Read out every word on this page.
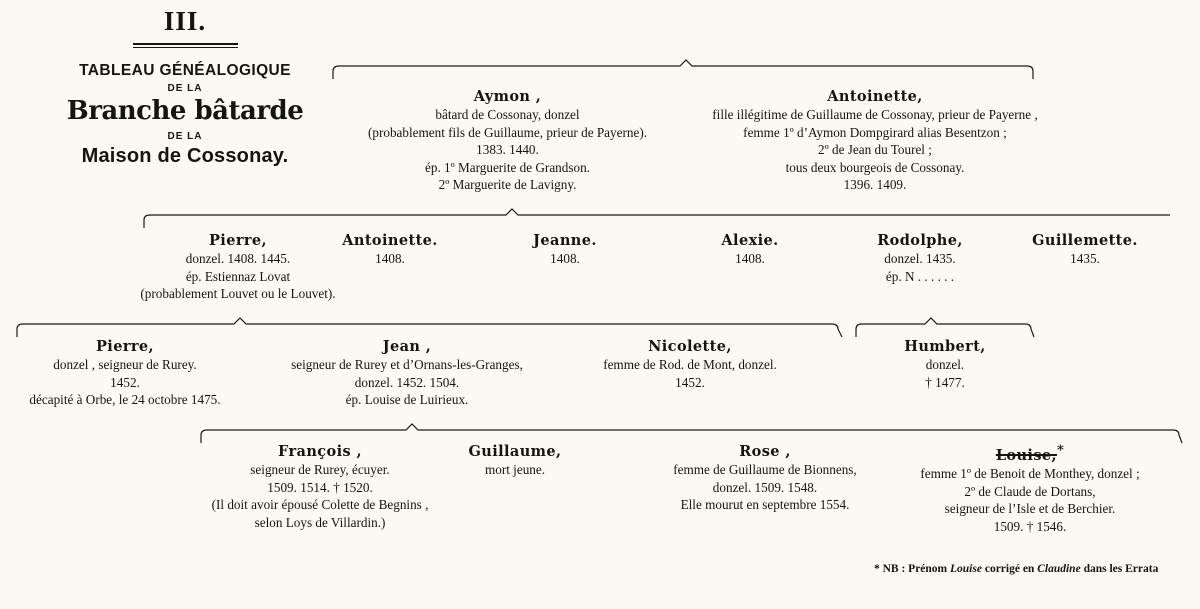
III.
TABLEAU GÉNÉALOGIQUE
DE LA
Branche bâtarde
DE LA
Maison de Cossonay.
Aymon ,
bâtard de Cossonay, donzel
(probablement fils de Guillaume, prieur de Payerne).
1383. 1440.
ép. 1º Marguerite de Grandson.
2º Marguerite de Lavigny.
Antoinette,
fille illégitime de Guillaume de Cossonay, prieur de Payerne ,
femme 1º d’Aymon Dompgirard alias Besentzon ;
2º de Jean du Tourel ;
tous deux bourgeois de Cossonay.
1396. 1409.
Pierre,
donzel. 1408. 1445.
ép. Estiennaz Lovat
(probablement Louvet ou le Louvet).
Antoinette.
1408.
Jeanne.
1408.
Alexie.
1408.
Rodolphe,
donzel. 1435.
ép. N . . . . . .
Guillemette.
1435.
Pierre,
donzel , seigneur de Rurey.
1452.
décapité à Orbe, le 24 octobre 1475.
Jean ,
seigneur de Rurey et d’Ornans-les-Granges,
donzel. 1452. 1504.
ép. Louise de Luirieux.
Nicolette,
femme de Rod. de Mont, donzel.
1452.
Humbert,
donzel.
† 1477.
François ,
seigneur de Rurey, écuyer.
1509. 1514. † 1520.
(Il doit avoir épousé Colette de Begnins ,
selon Loys de Villardin.)
Guillaume,
mort jeune.
Rose ,
femme de Guillaume de Bionnens,
donzel. 1509. 1548.
Elle mourut en septembre 1554.
Louise,*
femme 1º de Benoit de Monthey, donzel ;
2º de Claude de Dortans,
seigneur de l’Isle et de Berchier.
1509. † 1546.
* NB : Prénom Louise corrigé en Claudine dans les Errata
